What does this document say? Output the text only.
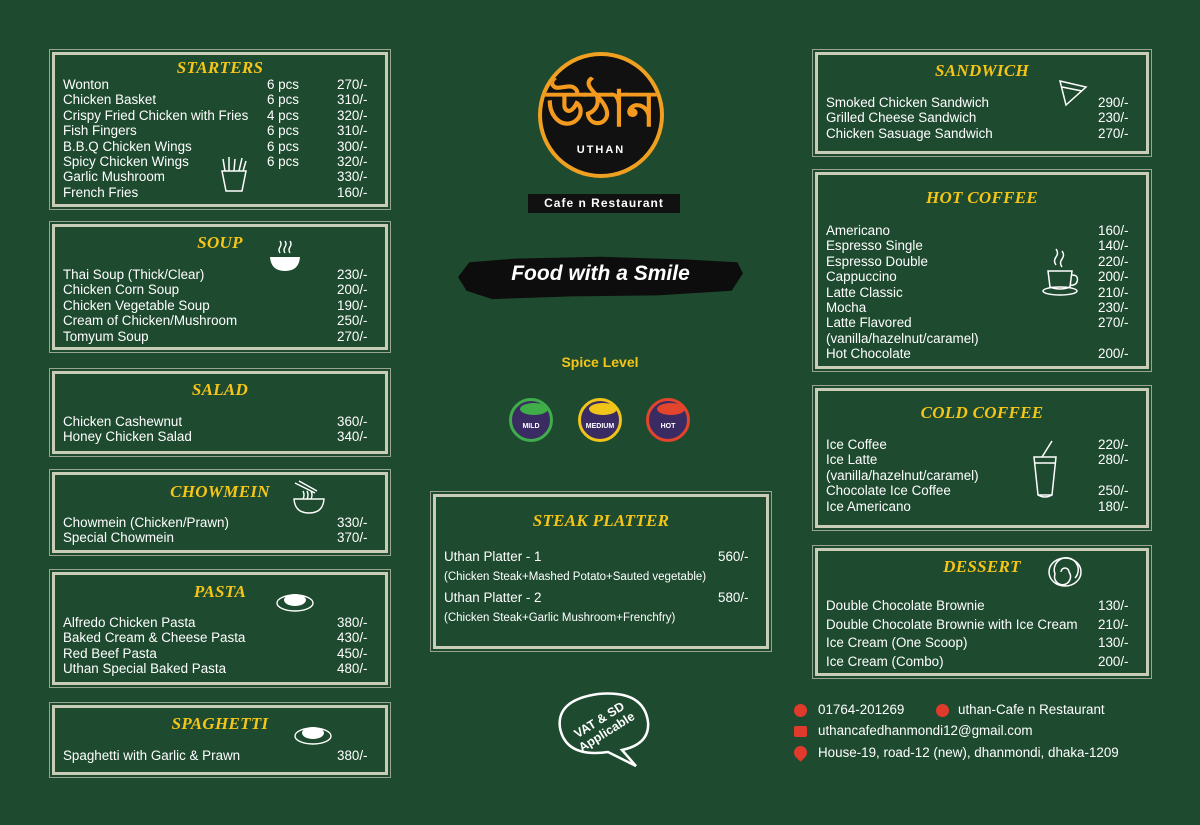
STARTERS
Wonton	6 pcs	270/-
Chicken Basket	6 pcs	310/-
Crispy Fried Chicken with Fries	4 pcs	320/-
Fish Fingers	6 pcs	310/-
B.B.Q Chicken Wings	6 pcs	300/-
Spicy Chicken Wings	6 pcs	320/-
Garlic Mushroom	330/-
French Fries	160/-
SOUP
Thai Soup (Thick/Clear)	230/-
Chicken Corn Soup	200/-
Chicken Vegetable Soup	190/-
Cream of Chicken/Mushroom	250/-
Tomyum Soup	270/-
SALAD
Chicken Cashewnut	360/-
Honey Chicken Salad	340/-
CHOWMEIN
Chowmein (Chicken/Prawn)	330/-
Special Chowmein	370/-
PASTA
Alfredo Chicken Pasta	380/-
Baked Cream & Cheese Pasta	430/-
Red Beef Pasta	450/-
Uthan Special Baked Pasta	480/-
SPAGHETTI
Spaghetti with Garlic & Prawn	380/-
উঠান
UTHAN
Cafe n Restaurant
Food with a Smile
Spice Level
MILD	MEDIUM	HOT
STEAK PLATTER
Uthan Platter - 1	560/-
(Chicken Steak+Mashed Potato+Sauted vegetable)
Uthan Platter - 2	580/-
(Chicken Steak+Garlic Mushroom+Frenchfry)
VAT & SD Applicable
SANDWICH
Smoked Chicken Sandwich	290/-
Grilled Cheese Sandwich	230/-
Chicken Sasuage Sandwich	270/-
HOT COFFEE
Americano	160/-
Espresso Single	140/-
Espresso Double	220/-
Cappuccino	200/-
Latte Classic	210/-
Mocha	230/-
Latte Flavored	270/-
(vanilla/hazelnut/caramel)
Hot Chocolate	200/-
COLD COFFEE
Ice Coffee	220/-
Ice Latte	280/-
(vanilla/hazelnut/caramel)
Chocolate Ice Coffee	250/-
Ice Americano	180/-
DESSERT
Double Chocolate Brownie	130/-
Double Chocolate Brownie with Ice Cream	210/-
Ice Cream (One Scoop)	130/-
Ice Cream (Combo)	200/-
01764-201269	uthan-Cafe n Restaurant
uthancafedhanmondi12@gmail.com
House-19, road-12 (new), dhanmondi, dhaka-1209
